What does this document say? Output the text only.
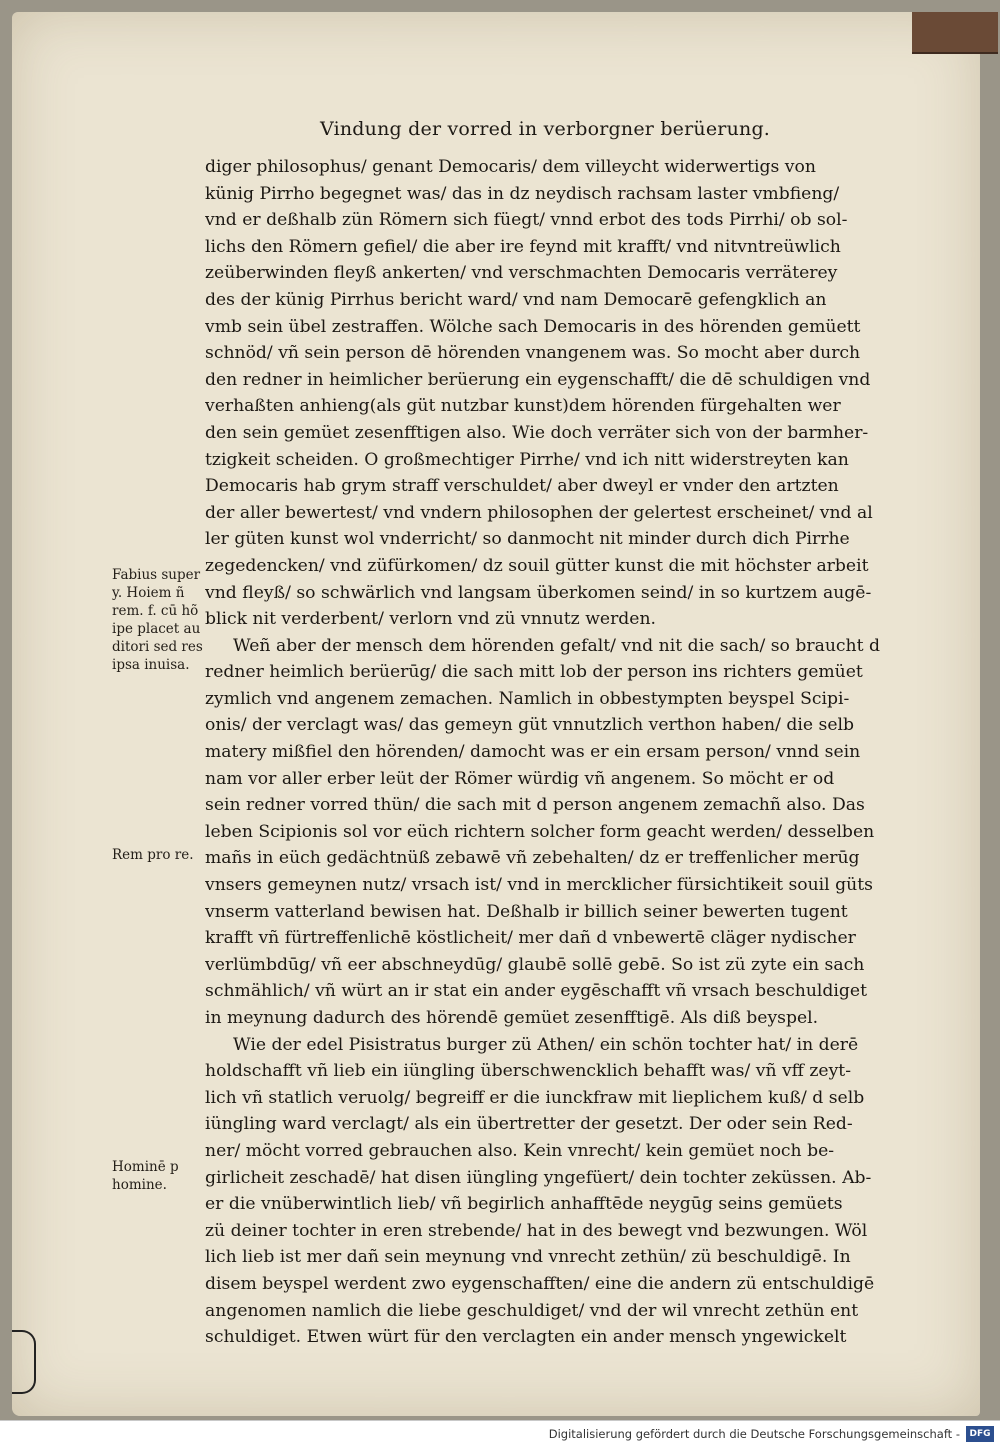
Vindung der vorred in verborgner berüerung.
diger philosophus/ genant Democaris/ dem villeycht widerwertigs von
künig Pirrho begegnet was/ das in dz neydisch rachsam laster vmbfieng/
vnd er deßhalb zün Römern sich füegt/ vnnd erbot des tods Pirrhi/ ob sol-
lichs den Römern gefiel/ die aber ire feynd mit krafft/ vnd nitvntreüwlich
zeüberwinden fleyß ankerten/ vnd verschmachten Democaris verräterey
des der künig Pirrhus bericht ward/ vnd nam Democarē gefengklich an
vmb sein übel zestraffen. Wölche sach Democaris in des hörenden gemüett
schnöd/ vñ sein person dē hörenden vnangenem was. So mocht aber durch
den redner in heimlicher berüerung ein eygenschafft/ die dē schuldigen vnd
verhaßten anhieng(als güt nutzbar kunst)dem hörenden fürgehalten wer
den sein gemüet zesenfftigen also. Wie doch verräter sich von der barmher-
tzigkeit scheiden. O großmechtiger Pirrhe/ vnd ich nitt widerstreyten kan
Democaris hab grym straff verschuldet/ aber dweyl er vnder den artzten
der aller bewertest/ vnd vndern philosophen der gelertest erscheinet/ vnd al
ler güten kunst wol vnderricht/ so danmocht nit minder durch dich Pirrhe
zegedencken/ vnd züfürkomen/ dz souil gütter kunst die mit höchster arbeit
vnd fleyß/ so schwärlich vnd langsam überkomen seind/ in so kurtzem augē-
blick nit verderbent/ verlorn vnd zü vnnutz werden.
Weñ aber der mensch dem hörenden gefalt/ vnd nit die sach/ so braucht d
redner heimlich berüerūg/ die sach mitt lob der person ins richters gemüet
zymlich vnd angenem zemachen. Namlich in obbestympten beyspel Scipi-
onis/ der verclagt was/ das gemeyn güt vnnutzlich verthon haben/ die selb
matery mißfiel den hörenden/ damocht was er ein ersam person/ vnnd sein
nam vor aller erber leüt der Römer würdig vñ angenem. So möcht er od
sein redner vorred thün/ die sach mit d person angenem zemachñ also. Das
leben Scipionis sol vor eüch richtern solcher form geacht werden/ desselben
mañs in eüch gedächtnüß zebawē vñ zebehalten/ dz er treffenlicher merūg
vnsers gemeynen nutz/ vrsach ist/ vnd in mercklicher fürsichtikeit souil güts
vnserm vatterland bewisen hat. Deßhalb ir billich seiner bewerten tugent
krafft vñ fürtreffenlichē köstlicheit/ mer dañ d vnbewertē cläger nydischer
verlümbdūg/ vñ eer abschneydūg/ glaubē sollē gebē. So ist zü zyte ein sach
schmählich/ vñ würt an ir stat ein ander eygēschafft vñ vrsach beschuldiget
in meynung dadurch des hörendē gemüet zesenfftigē. Als diß beyspel.
Wie der edel Pisistratus burger zü Athen/ ein schön tochter hat/ in derē
holdschafft vñ lieb ein iüngling überschwencklich behafft was/ vñ vff zeyt-
lich vñ statlich veruolg/ begreiff er die iunckfraw mit lieplichem kuß/ d selb
iüngling ward verclagt/ als ein übertretter der gesetzt. Der oder sein Red-
ner/ möcht vorred gebrauchen also. Kein vnrecht/ kein gemüet noch be-
girlicheit zeschadē/ hat disen iüngling yngefüert/ dein tochter zeküssen. Ab-
er die vnüberwintlich lieb/ vñ begirlich anhafftēde neygūg seins gemüets
zü deiner tochter in eren strebende/ hat in des bewegt vnd bezwungen. Wöl
lich lieb ist mer dañ sein meynung vnd vnrecht zethün/ zü beschuldigē. In
disem beyspel werdent zwo eygenschafften/ eine die andern zü entschuldigē
angenomen namlich die liebe geschuldiget/ vnd der wil vnrecht zethün ent
schuldiget. Etwen würt für den verclagten ein ander mensch yngewickelt
Fabius super
y. Hoiem ñ
rem. f. cū hõ
ipe placet au
ditori sed res
ipsa inuisa.
Rem pro re.
Hominē p
homine.
Digitalisierung gefördert durch die Deutsche Forschungsgemeinschaft -	DFG
